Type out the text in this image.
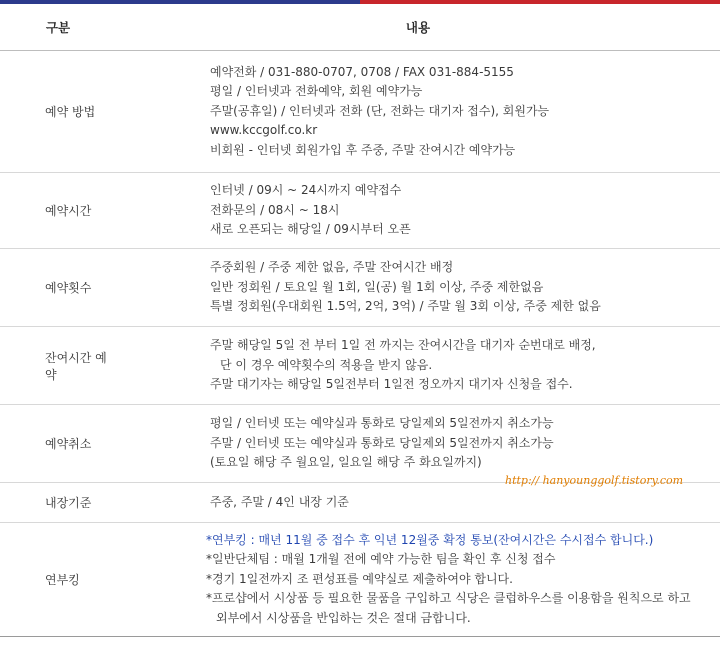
구분	내용
예약 방법	예약전화 / 031-880-0707, 0708 / FAX 031-884-5155
평일 / 인터넷과 전화예약, 회원 예약가능
주말(공휴일) / 인터넷과 전화 (단, 전화는 대기자 접수), 회원가능
www.kccgolf.co.kr
비회원 - 인터넷 회원가입 후 주중, 주말 잔여시간 예약가능

예약시간	인터넷 / 09시 ~ 24시까지 예약접수
전화문의 / 08시 ~ 18시
새로 오픈되는 해당일 / 09시부터 오픈

예약횟수	주중회원 / 주중 제한 없음, 주말 잔여시간 배정
일반 정회원 / 토요일 월 1회, 일(공) 월 1회 이상, 주중 제한없음
특별 정회원(우대회원 1.5억, 2억, 3억) / 주말 월 3회 이상, 주중 제한 없음

잔여시간 예약	주말 해당일 5일 전 부터 1일 전 까지는 잔여시간을 대기자 순번대로 배정,
단 이 경우 예약횟수의 적용을 받지 않음.
주말 대기자는 해당일 5일전부터 1일전 정오까지 대기자 신청을 접수.

예약취소	평일 / 인터넷 또는 예약실과 통화로 당일제외 5일전까지 취소가능
주말 / 인터넷 또는 예약실과 통화로 당일제외 5일전까지 취소가능
(토요일 해당 주 월요일, 일요일 해당 주 화요일까지)

내장기준	주중, 주말 / 4인 내장 기준

연부킹	*연부킹 : 매년 11월 중 접수 후 익년 12월중 확정 통보(잔여시간은 수시접수 합니다.)
*일반단체팀 : 매월 1개월 전에 예약 가능한 팀을 확인 후 신청 접수
*경기 1일전까지 조 편성표를 예약실로 제출하여야 합니다.
*프로샵에서 시상품 등 필요한 물품을 구입하고 식당은 클럽하우스를 이용함을 원칙으로 하고
외부에서 시상품을 반입하는 것은 절대 금합니다.
http:// hanyounggolf.tistory.com
